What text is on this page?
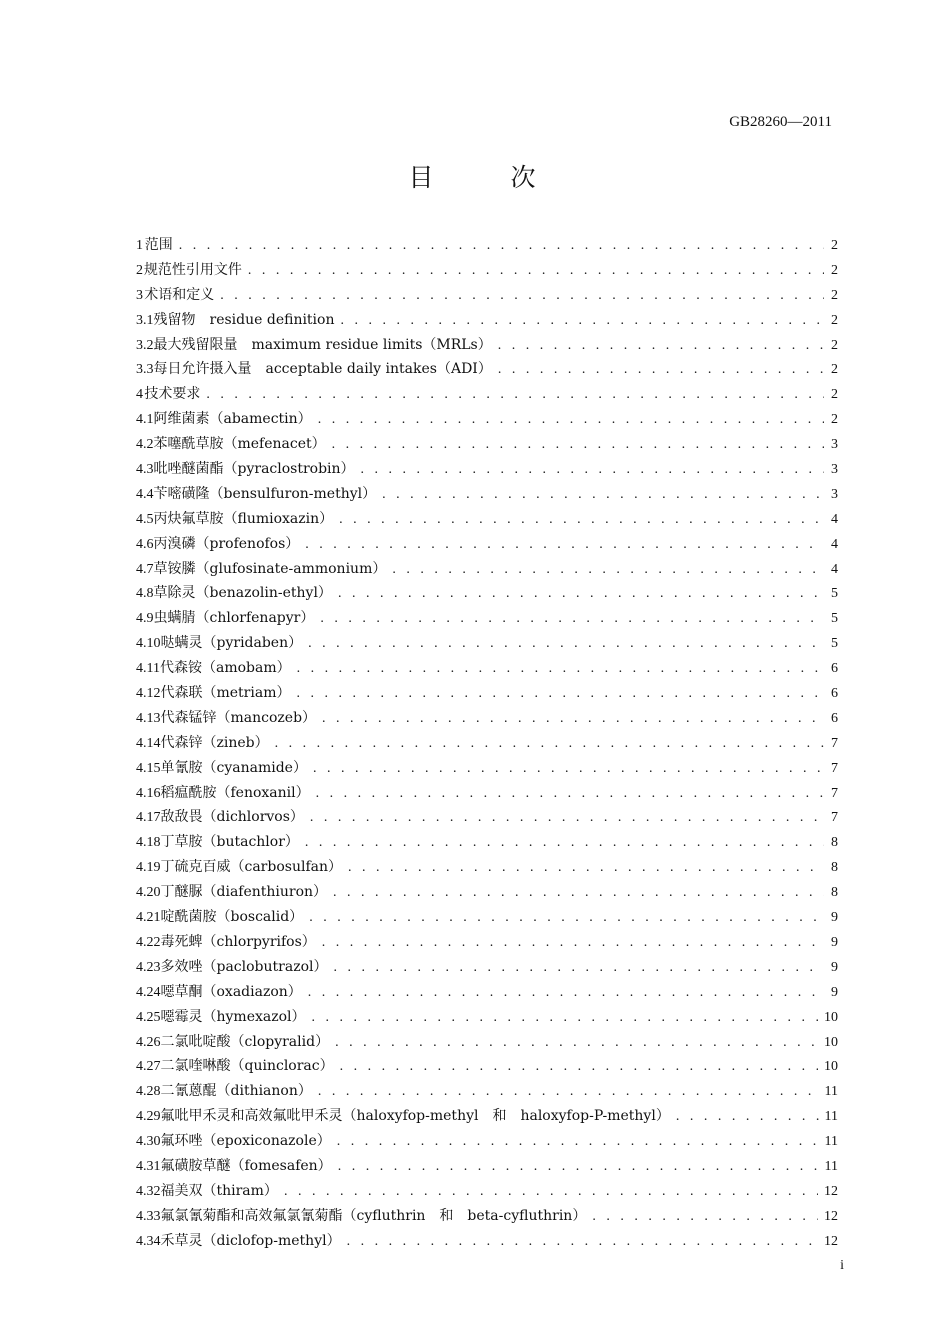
GB28260—2011
目　次
1 范围 . . .	2
2 规范性引用文件 . . .	2
3 术语和定义 . . .	2
3.1 残留物　residue definition . . .	2
3.2 最大残留限量　maximum residue limits（MRLs） . . .	2
3.3 每日允许摄入量　acceptable daily intakes（ADI） . . .	2
4 技术要求 . . .	2
4.1 阿维菌素（abamectin） . . .	2
4.2 苯噻酰草胺（mefenacet） . . .	3
4.3 吡唑醚菌酯（pyraclostrobin） . . .	3
4.4 苄嘧磺隆（bensulfuron-methyl） . . .	3
4.5 丙炔氟草胺（flumioxazin） . . .	4
4.6 丙溴磷（profenofos） . . .	4
4.7 草铵膦（glufosinate-ammonium） . . .	4
4.8 草除灵（benazolin-ethyl） . . .	5
4.9 虫螨腈（chlorfenapyr） . . .	5
4.10 哒螨灵（pyridaben） . . .	5
4.11 代森铵（amobam） . . .	6
4.12 代森联（metriam） . . .	6
4.13 代森锰锌（mancozeb） . . .	6
4.14 代森锌（zineb） . . .	7
4.15 单氰胺（cyanamide） . . .	7
4.16 稻瘟酰胺（fenoxanil） . . .	7
4.17 敌敌畏（dichlorvos） . . .	7
4.18 丁草胺（butachlor） . . .	8
4.19 丁硫克百威（carbosulfan） . . .	8
4.20 丁醚脲（diafenthiuron） . . .	8
4.21 啶酰菌胺（boscalid） . . .	9
4.22 毒死蜱（chlorpyrifos） . . .	9
4.23 多效唑（paclobutrazol） . . .	9
4.24 噁草酮（oxadiazon） . . .	9
4.25 噁霉灵（hymexazol） . . .	10
4.26 二氯吡啶酸（clopyralid） . . .	10
4.27 二氯喹啉酸（quinclorac） . . .	10
4.28 二氰蒽醌（dithianon） . . .	11
4.29 氟吡甲禾灵和高效氟吡甲禾灵（haloxyfop-methyl　和　haloxyfop-P-methyl） . . .	11
4.30 氟环唑（epoxiconazole） . . .	11
4.31 氟磺胺草醚（fomesafen） . . .	11
4.32 福美双（thiram） . . .	12
4.33 氟氯氰菊酯和高效氟氯氰菊酯（cyfluthrin　和　beta-cyfluthrin） . . .	12
4.34 禾草灵（diclofop-methyl） . . .	12
i
